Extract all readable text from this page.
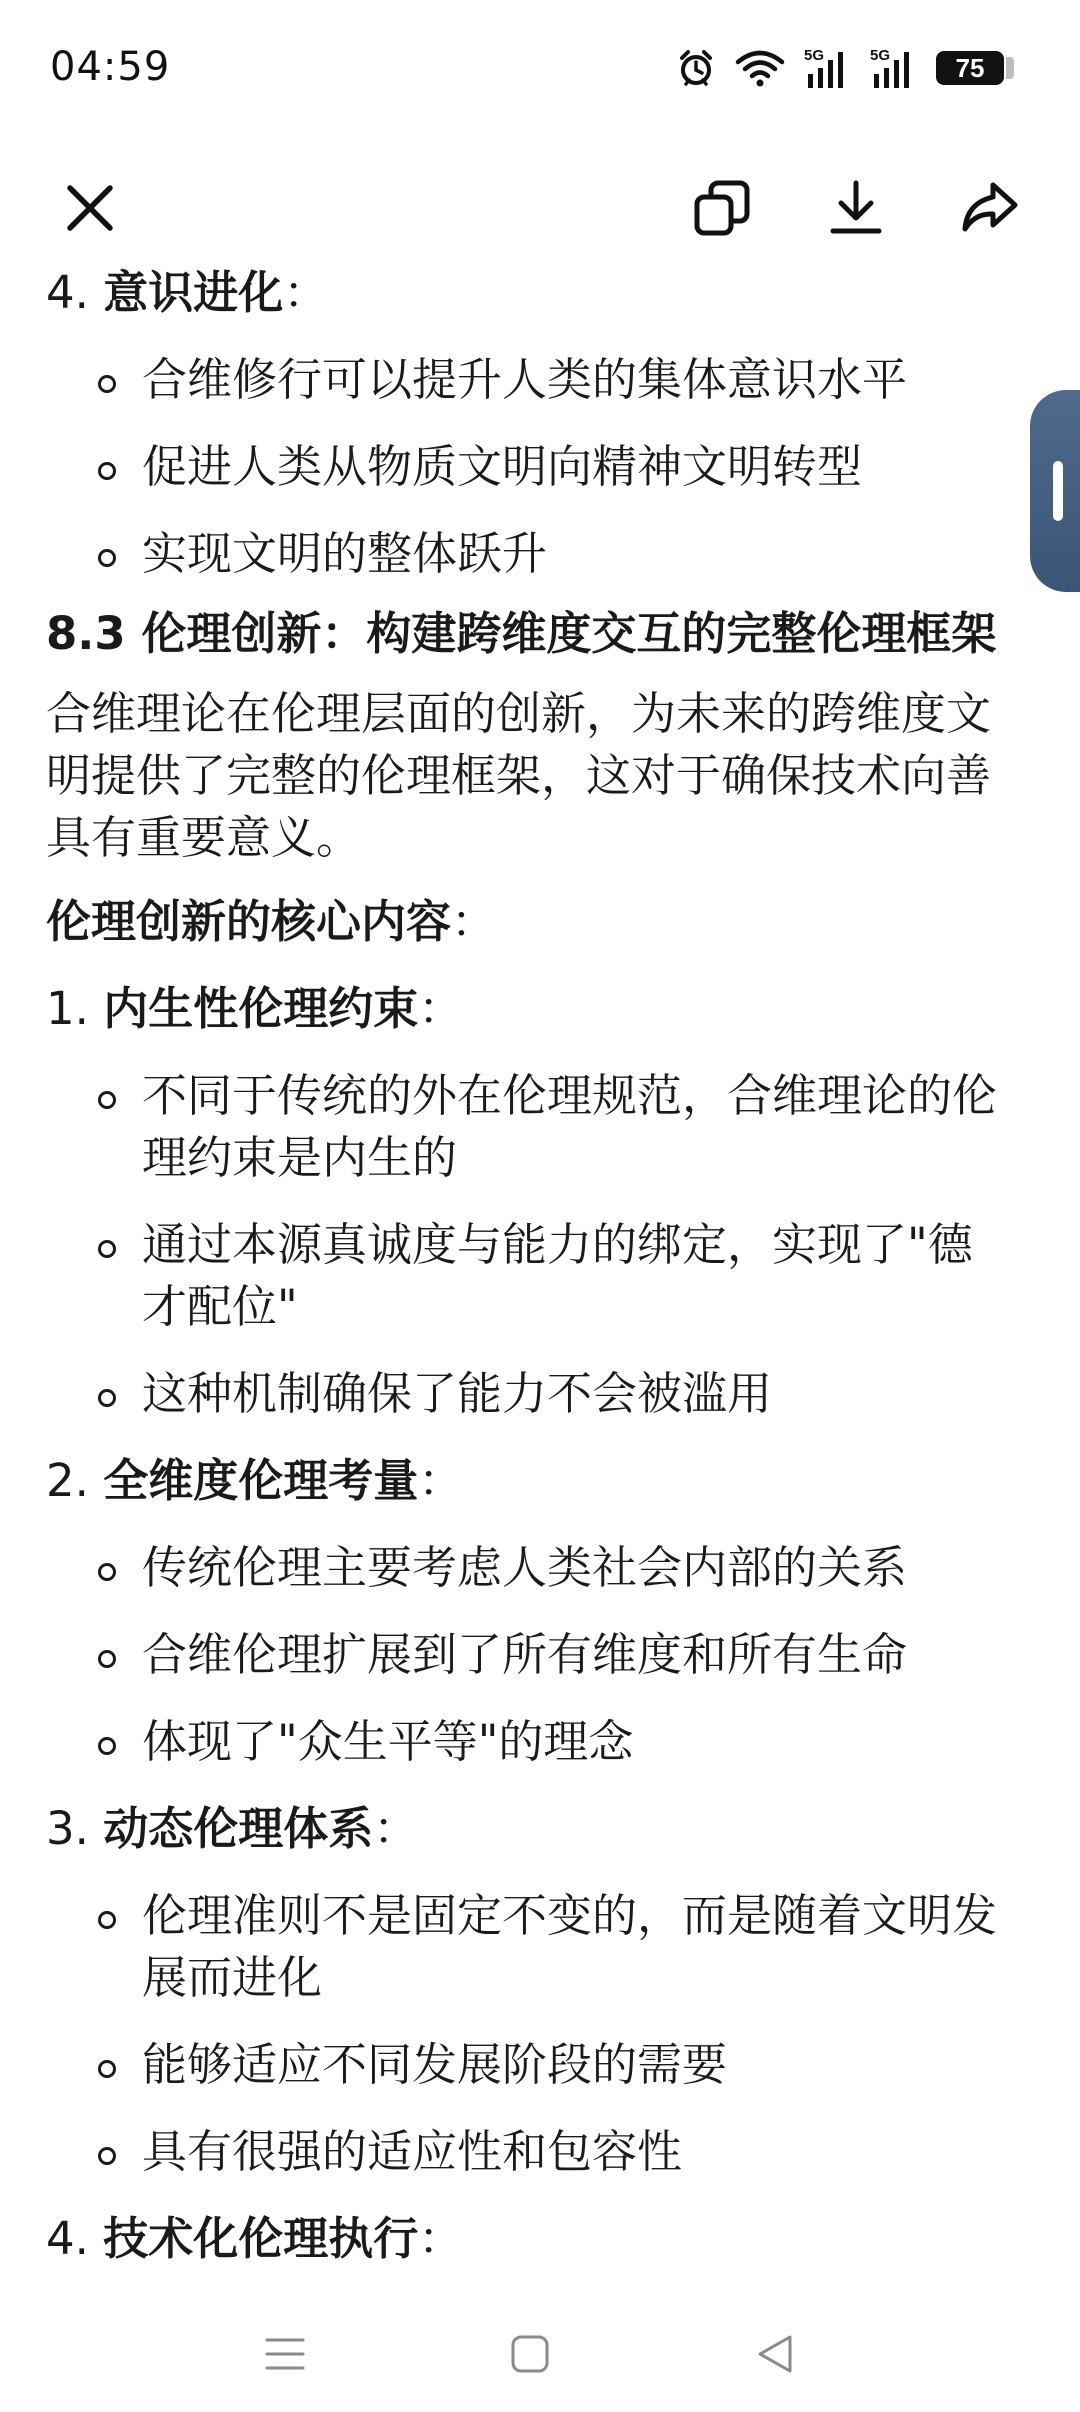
04:59	5G	5G	75
4. 意识进化：
合维修行可以提升人类的集体意识水平
促进人类从物质文明向精神文明转型
实现文明的整体跃升
8.3 伦理创新：构建跨维度交互的完整伦理框架
合维理论在伦理层面的创新，为未来的跨维度文
明提供了完整的伦理框架，这对于确保技术向善
具有重要意义。
伦理创新的核心内容：
1. 内生性伦理约束：
不同于传统的外在伦理规范，合维理论的伦
理约束是内生的
通过本源真诚度与能力的绑定，实现了"德
才配位"
这种机制确保了能力不会被滥用
2. 全维度伦理考量：
传统伦理主要考虑人类社会内部的关系
合维伦理扩展到了所有维度和所有生命
体现了"众生平等"的理念
3. 动态伦理体系：
伦理准则不是固定不变的，而是随着文明发
展而进化
能够适应不同发展阶段的需要
具有很强的适应性和包容性
4. 技术化伦理执行：
